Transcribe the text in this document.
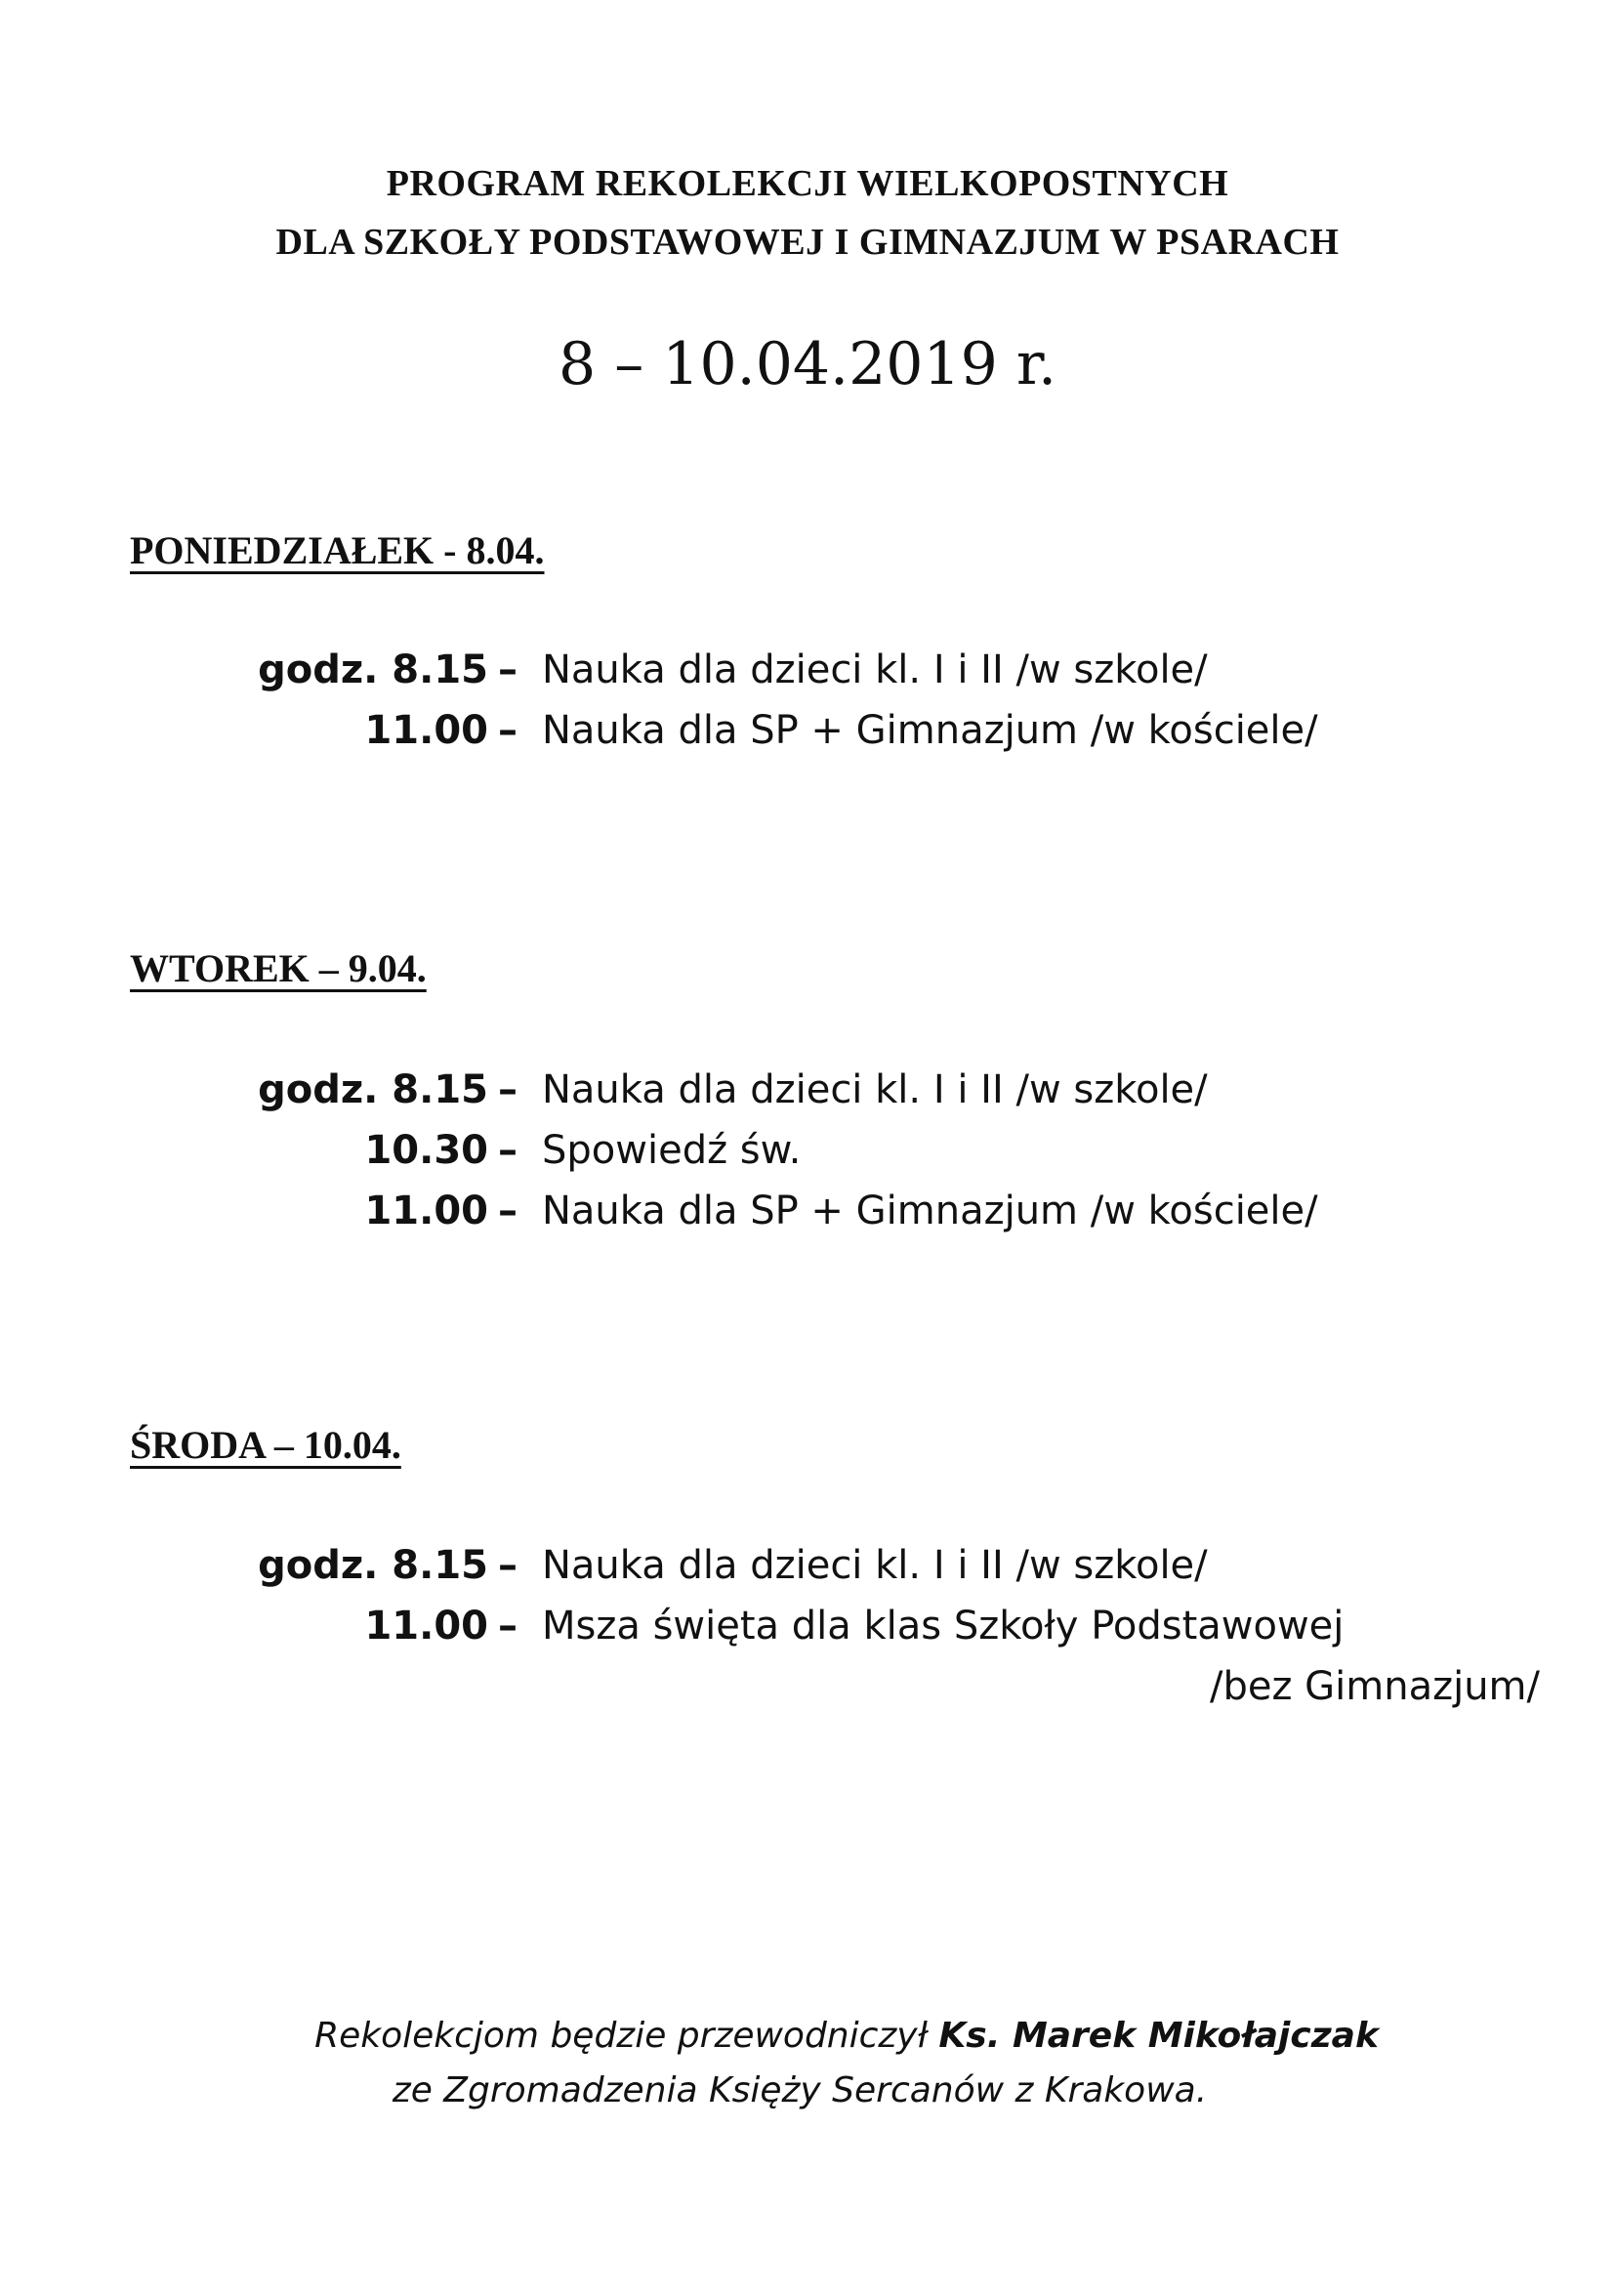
PROGRAM REKOLEKCJI WIELKOPOSTNYCH
DLA SZKOŁY PODSTAWOWEJ I GIMNAZJUM W PSARACH
8 – 10.04.2019 r.
PONIEDZIAŁEK - 8.04.
godz. 8.15 – Nauka dla dzieci kl. I i II /w szkole/
11.00 – Nauka dla SP + Gimnazjum /w kościele/
WTOREK – 9.04.
godz. 8.15 – Nauka dla dzieci kl. I i II /w szkole/
10.30 – Spowiedź św.
11.00 – Nauka dla SP + Gimnazjum /w kościele/
ŚRODA – 10.04.
godz. 8.15 – Nauka dla dzieci kl. I i II /w szkole/
11.00 – Msza święta dla klas Szkoły Podstawowej
/bez Gimnazjum/
Rekolekcjom będzie przewodniczył Ks. Marek Mikołajczak
ze Zgromadzenia Księży Sercanów z Krakowa.
